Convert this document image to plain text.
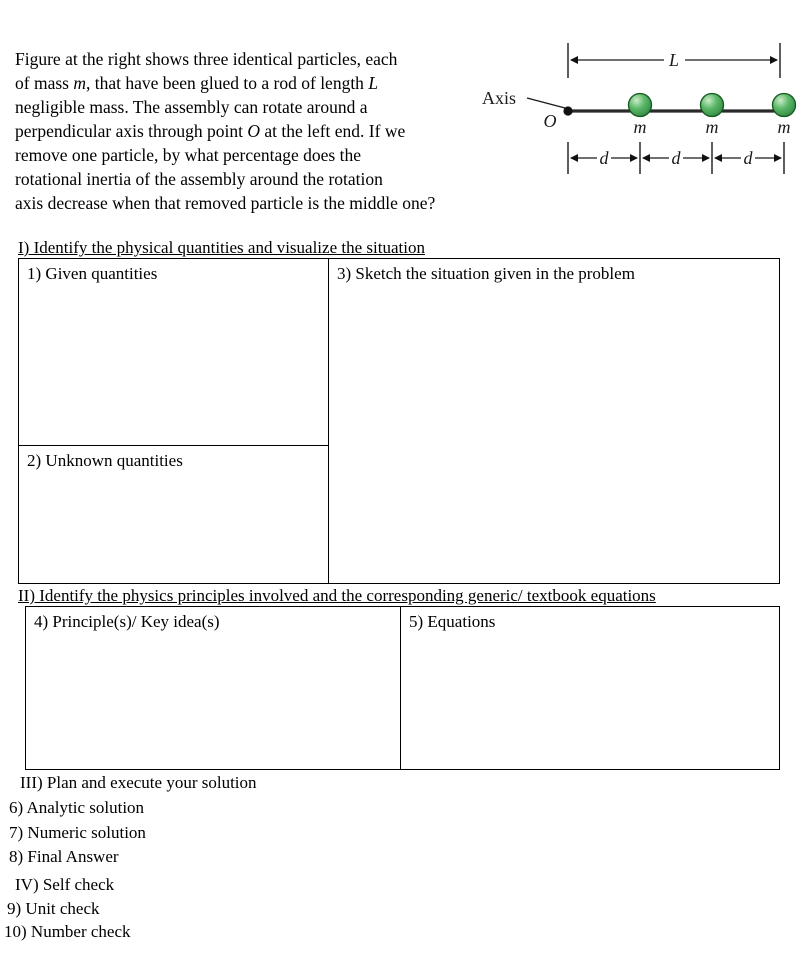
Figure at the right shows three identical particles, each
of mass m, that have been glued to a rod of length L
negligible mass. The assembly can rotate around a
perpendicular axis through point O at the left end. If we
remove one particle, by what percentage does the
rotational inertia of the assembly around the rotation
axis decrease when that removed particle is the middle one?
L
Axis
O	m	m	m
d	d	d
I) Identify the physical quantities and visualize the situation
1) Given quantities
2) Unknown quantities
3) Sketch the situation given in the problem
II) Identify the physics principles involved and the corresponding generic/ textbook equations
4) Principle(s)/ Key idea(s)	5) Equations
III) Plan and execute your solution
6) Analytic solution
7) Numeric solution
8) Final Answer
IV) Self check
9) Unit check
10) Number check
